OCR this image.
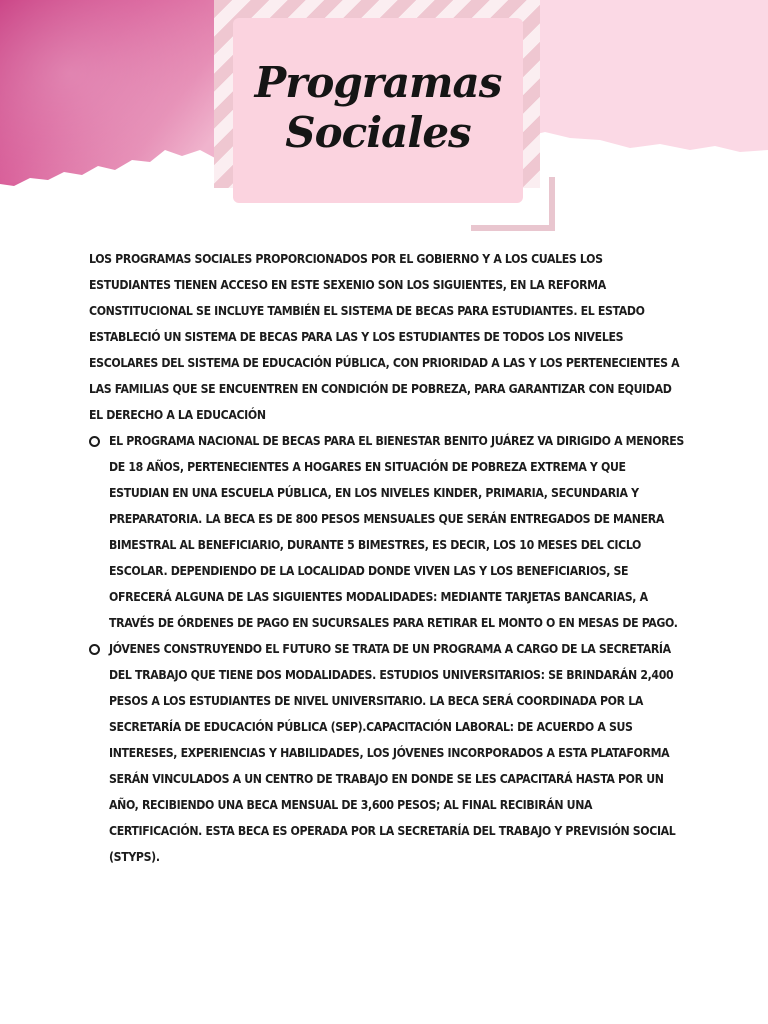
Programas
Sociales

LOS PROGRAMAS SOCIALES PROPORCIONADOS POR EL GOBIERNO Y A LOS CUALES LOS ESTUDIANTES TIENEN ACCESO EN ESTE SEXENIO SON LOS SIGUIENTES, EN LA REFORMA CONSTITUCIONAL SE INCLUYE TAMBIÉN EL SISTEMA DE BECAS PARA ESTUDIANTES. EL ESTADO ESTABLECIÓ UN SISTEMA DE BECAS PARA LAS Y LOS ESTUDIANTES DE TODOS LOS NIVELES ESCOLARES DEL SISTEMA DE EDUCACIÓN PÚBLICA, CON PRIORIDAD A LAS Y LOS PERTENECIENTES A LAS FAMILIAS QUE SE ENCUENTREN EN CONDICIÓN DE POBREZA, PARA GARANTIZAR CON EQUIDAD EL DERECHO A LA EDUCACIÓN

EL PROGRAMA NACIONAL DE BECAS PARA EL BIENESTAR BENITO JUÁREZ VA DIRIGIDO A MENORES DE 18 AÑOS, PERTENECIENTES A HOGARES EN SITUACIÓN DE POBREZA EXTREMA Y QUE ESTUDIAN EN UNA ESCUELA PÚBLICA, EN LOS NIVELES KINDER, PRIMARIA, SECUNDARIA Y PREPARATORIA. LA BECA ES DE 800 PESOS MENSUALES QUE SERÁN ENTREGADOS DE MANERA BIMESTRAL AL BENEFICIARIO, DURANTE 5 BIMESTRES, ES DECIR, LOS 10 MESES DEL CICLO ESCOLAR. DEPENDIENDO DE LA LOCALIDAD DONDE VIVEN LAS Y LOS BENEFICIARIOS, SE OFRECERÁ ALGUNA DE LAS SIGUIENTES MODALIDADES: MEDIANTE TARJETAS BANCARIAS, A TRAVÉS DE ÓRDENES DE PAGO EN SUCURSALES PARA RETIRAR EL MONTO O EN MESAS DE PAGO.
JÓVENES CONSTRUYENDO EL FUTURO SE TRATA DE UN PROGRAMA A CARGO DE LA SECRETARÍA DEL TRABAJO QUE TIENE DOS MODALIDADES. ESTUDIOS UNIVERSITARIOS: SE BRINDARÁN 2,400 PESOS A LOS ESTUDIANTES DE NIVEL UNIVERSITARIO. LA BECA SERÁ COORDINADA POR LA SECRETARÍA DE EDUCACIÓN PÚBLICA (SEP).CAPACITACIÓN LABORAL: DE ACUERDO A SUS INTERESES, EXPERIENCIAS Y HABILIDADES, LOS JÓVENES INCORPORADOS A ESTA PLATAFORMA SERÁN VINCULADOS A UN CENTRO DE TRABAJO EN DONDE SE LES CAPACITARÁ HASTA POR UN AÑO, RECIBIENDO UNA BECA MENSUAL DE 3,600 PESOS; AL FINAL RECIBIRÁN UNA CERTIFICACIÓN. ESTA BECA ES OPERADA POR LA SECRETARÍA DEL TRABAJO Y PREVISIÓN SOCIAL (STYPS).
